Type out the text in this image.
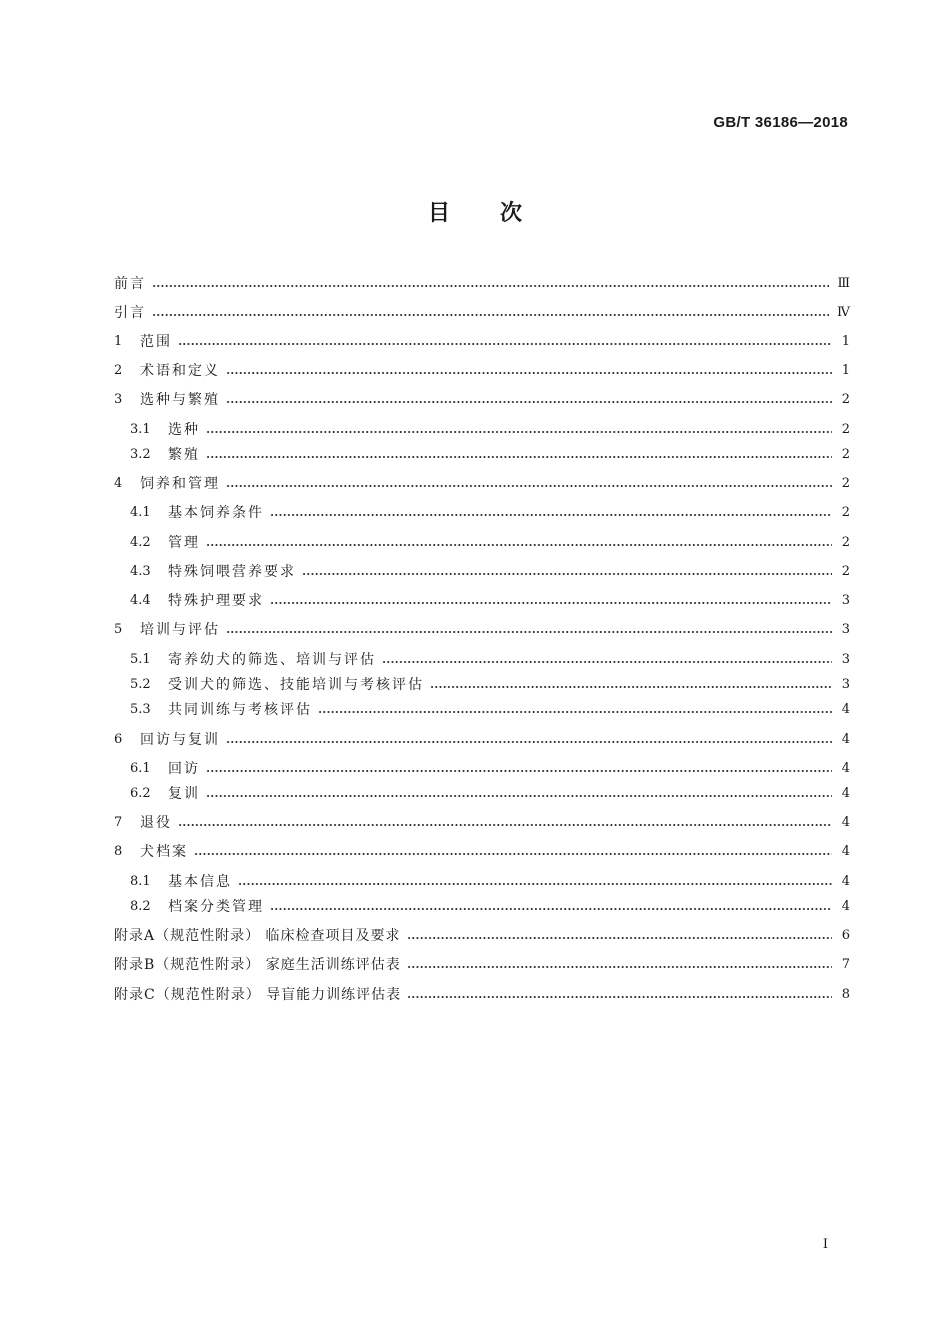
GB/T 36186—2018
目次
前言	Ⅲ
引言	Ⅳ
1	范围	1
2	术语和定义	1
3	选种与繁殖	2
3.1	选种	2
3.2	繁殖	2
4	饲养和管理	2
4.1	基本饲养条件	2
4.2	管理	2
4.3	特殊饲喂营养要求	2
4.4	特殊护理要求	3
5	培训与评估	3
5.1	寄养幼犬的筛选、培训与评估	3
5.2	受训犬的筛选、技能培训与考核评估	3
5.3	共同训练与考核评估	4
6	回访与复训	4
6.1	回访	4
6.2	复训	4
7	退役	4
8	犬档案	4
8.1	基本信息	4
8.2	档案分类管理	4
附录A（规范性附录） 临床检查项目及要求	6
附录B（规范性附录） 家庭生活训练评估表	7
附录C（规范性附录） 导盲能力训练评估表	8
I
